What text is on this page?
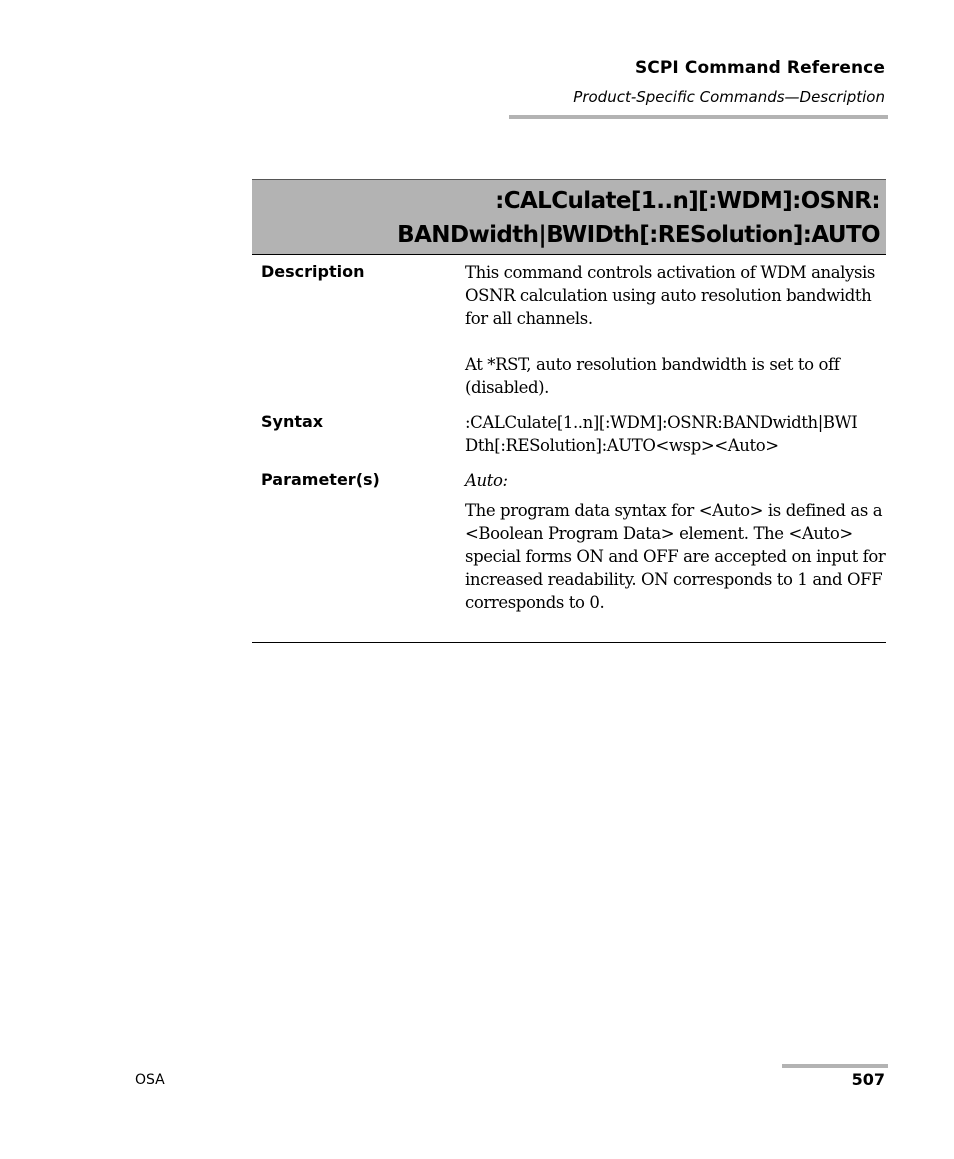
SCPI Command Reference
Product-Specific Commands—Description
:CALCulate[1..n][:WDM]:OSNR:
BANDwidth|BWIDth[:RESolution]:AUTO
Description	This command controls activation of WDM analysis OSNR calculation using auto resolution bandwidth for all channels.

At *RST, auto resolution bandwidth is set to off (disabled).

Syntax	:CALCulate[1..n][:WDM]:OSNR:BANDwidth|BWI

Dth[:RESolution]:AUTO<wsp><Auto>

Parameter(s)	Auto:

The program data syntax for <Auto> is defined as a <Boolean Program Data> element. The <Auto> special forms ON and OFF are accepted on input for increased readability. ON corresponds to 1 and OFF corresponds to 0.

OSA	507
